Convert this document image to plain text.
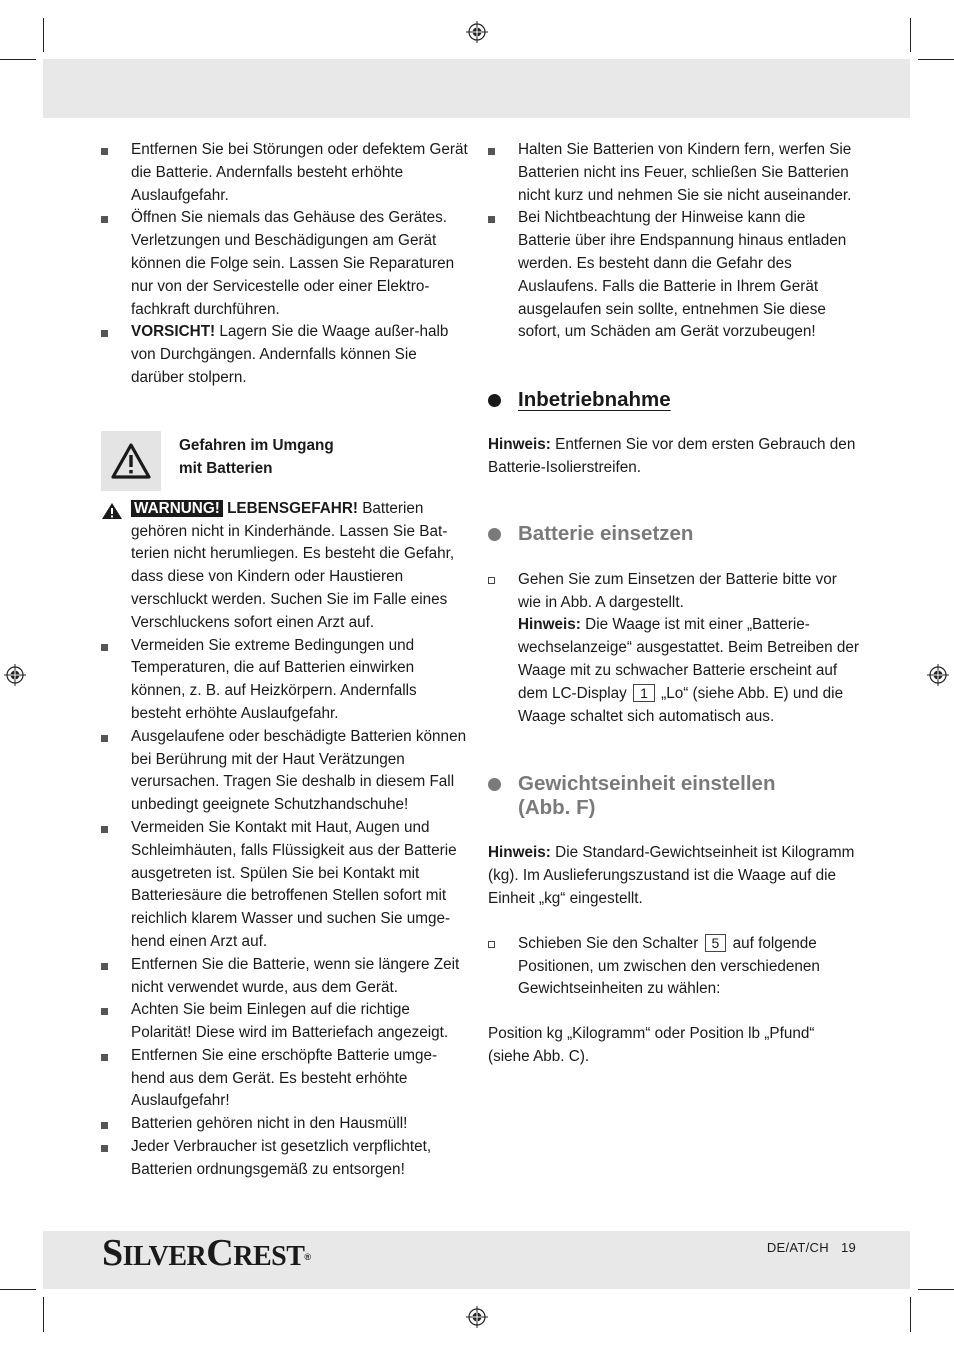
Entfernen Sie bei Störungen oder defektem Gerät die Batterie. Andernfalls besteht erhöhte Auslaufgefahr.
Öffnen Sie niemals das Gehäuse des Gerätes. Verletzungen und Beschädigungen am Gerät können die Folge sein. Lassen Sie Reparaturen nur von der Servicestelle oder einer Elektro-fachkraft durchführen.
VORSICHT! Lagern Sie die Waage außer-halb von Durchgängen. Andernfalls können Sie darüber stolpern.
Gefahren im Umgang
mit Batterien
WARNUNG! LEBENSGEFAHR! Batterien gehören nicht in Kinderhände. Lassen Sie Bat-terien nicht herumliegen. Es besteht die Gefahr, dass diese von Kindern oder Haustieren verschluckt werden. Suchen Sie im Falle eines Verschluckens sofort einen Arzt auf.
Vermeiden Sie extreme Bedingungen und Temperaturen, die auf Batterien einwirken können, z. B. auf Heizkörpern. Andernfalls besteht erhöhte Auslaufgefahr.
Ausgelaufene oder beschädigte Batterien können bei Berührung mit der Haut Verätzungen verursachen. Tragen Sie deshalb in diesem Fall unbedingt geeignete Schutzhandschuhe!
Vermeiden Sie Kontakt mit Haut, Augen und Schleimhäuten, falls Flüssigkeit aus der Batterie ausgetreten ist. Spülen Sie bei Kontakt mit Batteriesäure die betroffenen Stellen sofort mit reichlich klarem Wasser und suchen Sie umge-hend einen Arzt auf.
Entfernen Sie die Batterie, wenn sie längere Zeit nicht verwendet wurde, aus dem Gerät.
Achten Sie beim Einlegen auf die richtige Polarität! Diese wird im Batteriefach angezeigt.
Entfernen Sie eine erschöpfte Batterie umge-hend aus dem Gerät. Es besteht erhöhte Auslaufgefahr!
Batterien gehören nicht in den Hausmüll!
Jeder Verbraucher ist gesetzlich verpflichtet, Batterien ordnungsgemäß zu entsorgen!
Halten Sie Batterien von Kindern fern, werfen Sie Batterien nicht ins Feuer, schließen Sie Batterien nicht kurz und nehmen Sie sie nicht auseinander.
Bei Nichtbeachtung der Hinweise kann die Batterie über ihre Endspannung hinaus entladen werden. Es besteht dann die Gefahr des Auslaufens. Falls die Batterie in Ihrem Gerät ausgelaufen sein sollte, entnehmen Sie diese sofort, um Schäden am Gerät vorzubeugen!
Inbetriebnahme
Hinweis: Entfernen Sie vor dem ersten Gebrauch den Batterie-Isolierstreifen.
Batterie einsetzen
Gehen Sie zum Einsetzen der Batterie bitte vor wie in Abb. A dargestellt.
Hinweis: Die Waage ist mit einer „Batterie-wechselanzeige“ ausgestattet. Beim Betreiben der Waage mit zu schwacher Batterie erscheint auf dem LC-Display 1 „Lo“ (siehe Abb. E) und die Waage schaltet sich automatisch aus.
Gewichtseinheit einstellen
(Abb. F)
Hinweis: Die Standard-Gewichtseinheit ist Kilogramm (kg). Im Auslieferungszustand ist die Waage auf die Einheit „kg“ eingestellt.
Schieben Sie den Schalter 5 auf folgende Positionen, um zwischen den verschiedenen Gewichtseinheiten zu wählen:
Position kg „Kilogramm“ oder Position lb „Pfund“ (siehe Abb. C).
SILVERCREST®
DE/AT/CH 19
